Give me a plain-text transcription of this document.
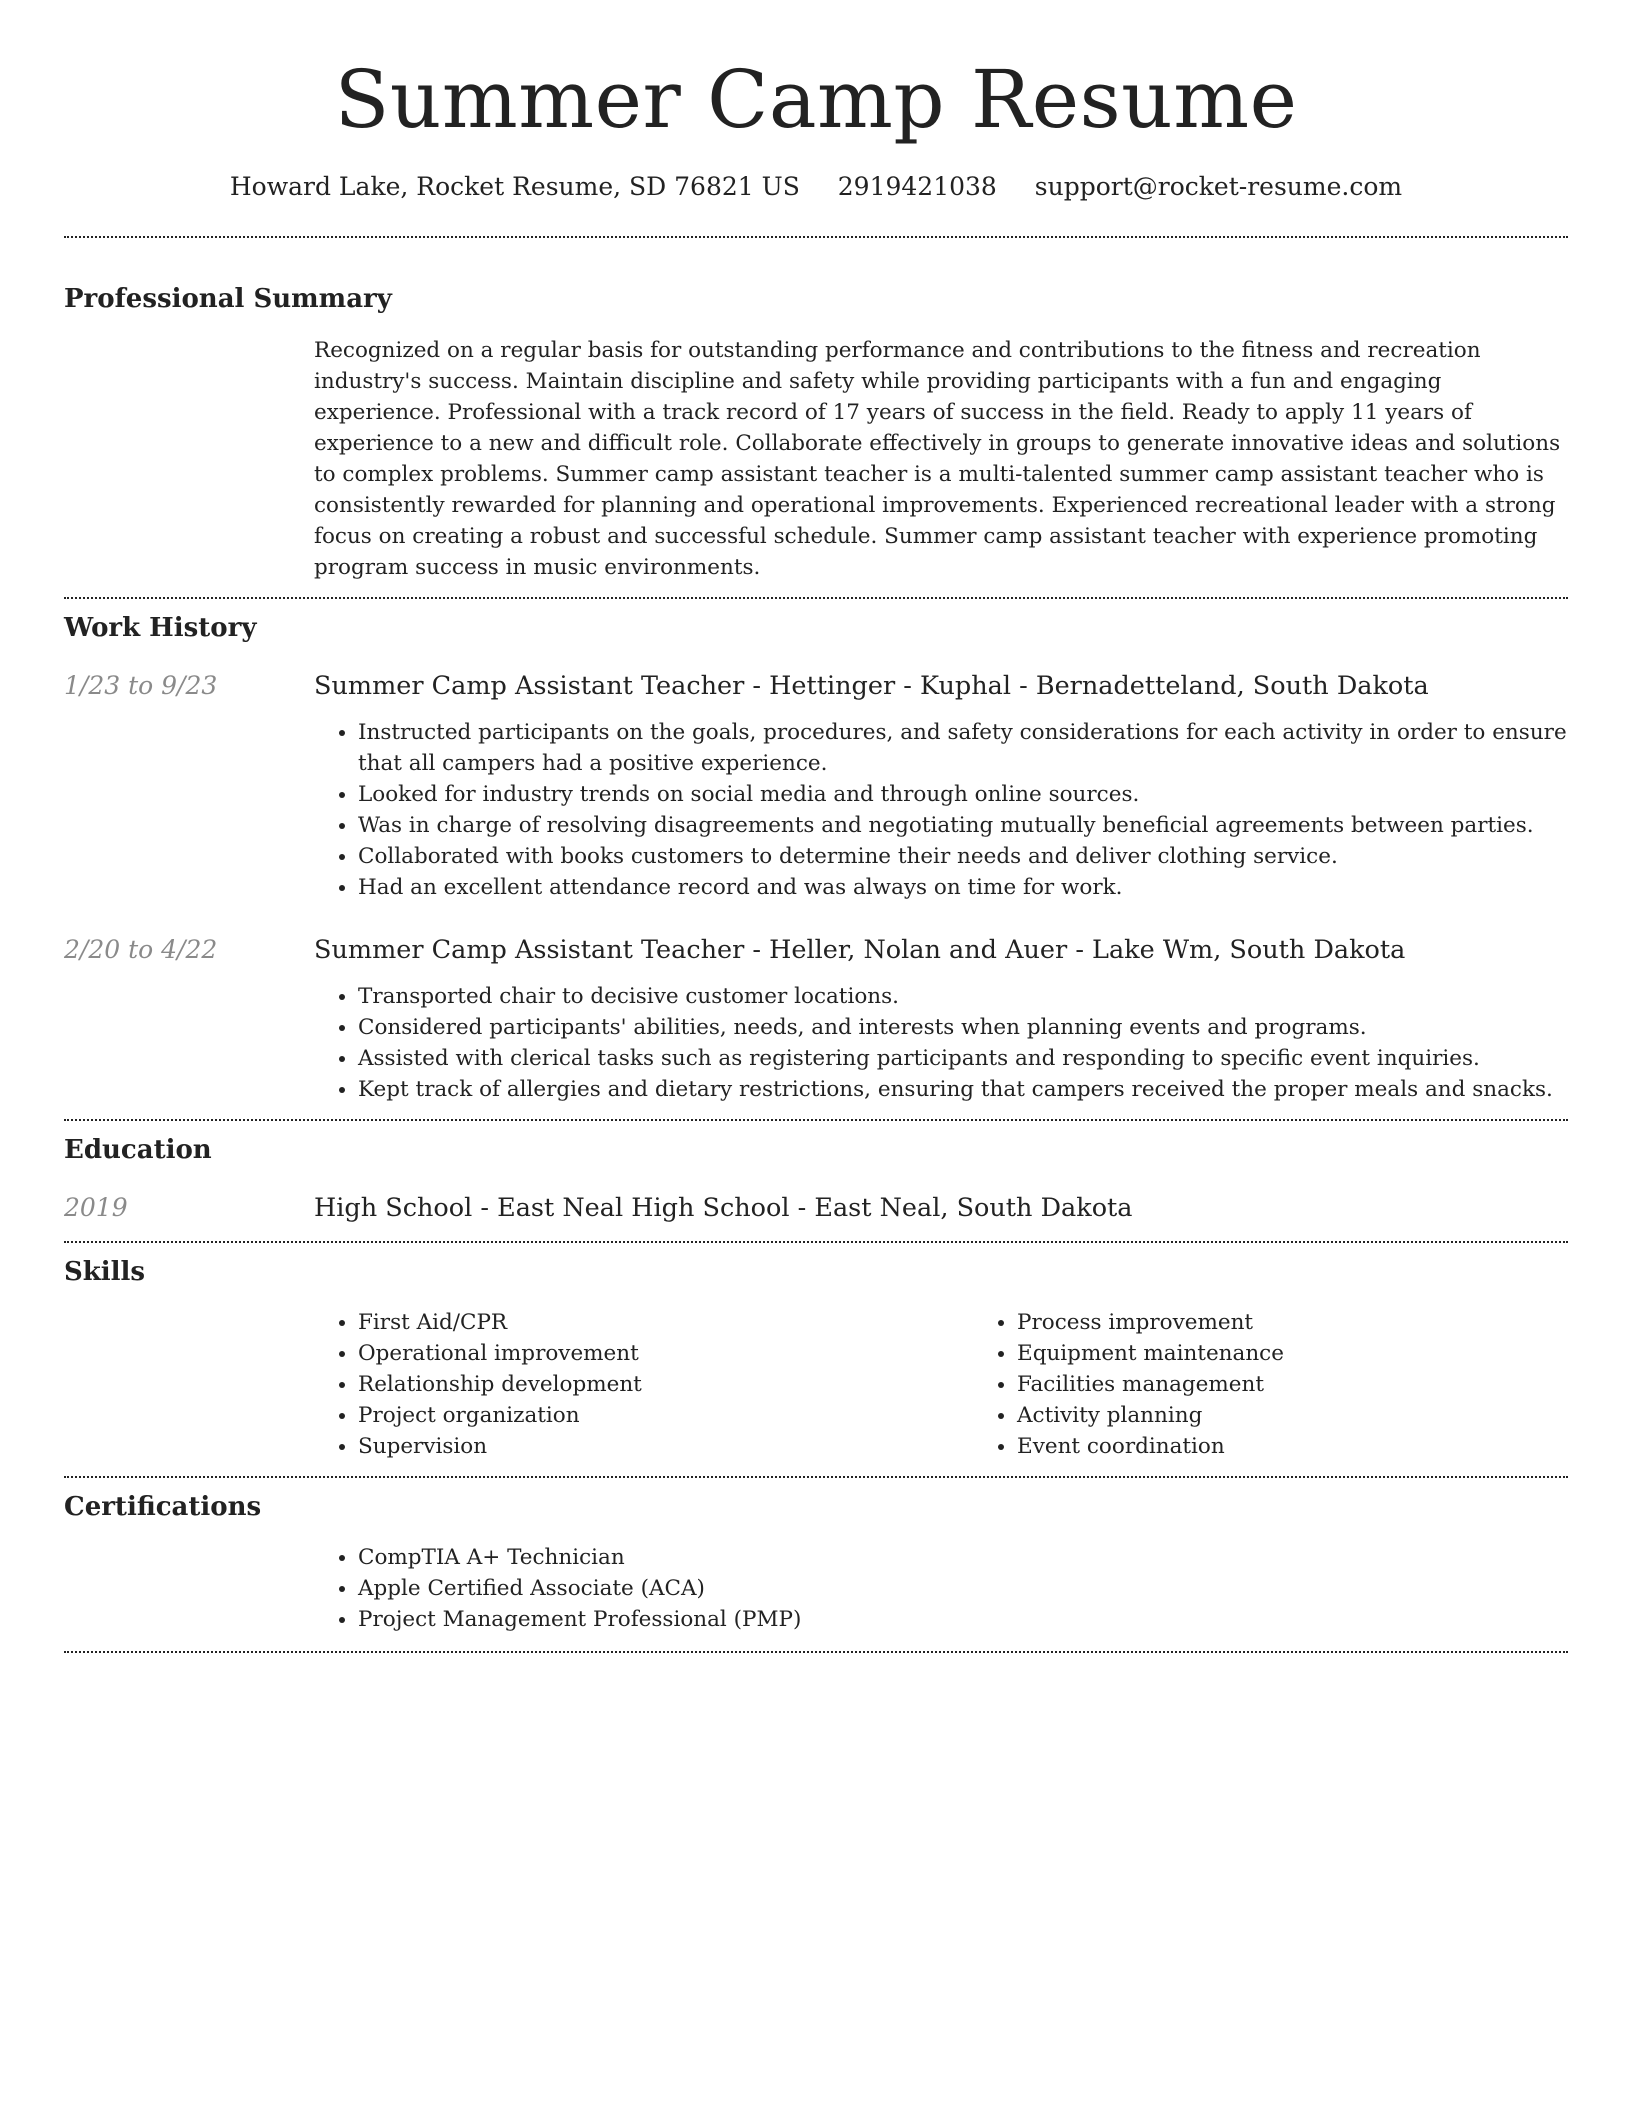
Summer Camp Resume
Howard Lake, Rocket Resume, SD 76821 US 2919421038 support@rocket-resume.com
Professional Summary

Recognized on a regular basis for outstanding performance and contributions to the fitness and recreation industry's success. Maintain discipline and safety while providing participants with a fun and engaging experience. Professional with a track record of 17 years of success in the field. Ready to apply 11 years of experience to a new and difficult role. Collaborate effectively in groups to generate innovative ideas and solutions to complex problems. Summer camp assistant teacher is a multi-talented summer camp assistant teacher who is consistently rewarded for planning and operational improvements. Experienced recreational leader with a strong focus on creating a robust and successful schedule. Summer camp assistant teacher with experience promoting program success in music environments.

Work History
1/23 to 9/23	Summer Camp Assistant Teacher - Hettinger - Kuphal - Bernadetteland, South Dakota

• Instructed participants on the goals, procedures, and safety considerations for each activity in order to ensure that all campers had a positive experience.
• Looked for industry trends on social media and through online sources.
• Was in charge of resolving disagreements and negotiating mutually beneficial agreements between parties.
• Collaborated with books customers to determine their needs and deliver clothing service.
• Had an excellent attendance record and was always on time for work.
2/20 to 4/22	Summer Camp Assistant Teacher - Heller, Nolan and Auer - Lake Wm, South Dakota

• Transported chair to decisive customer locations.
• Considered participants' abilities, needs, and interests when planning events and programs.
• Assisted with clerical tasks such as registering participants and responding to specific event inquiries.
• Kept track of allergies and dietary restrictions, ensuring that campers received the proper meals and snacks.
Education
2019	High School - East Neal High School - East Neal, South Dakota

Skills
• First Aid/CPR
• Operational improvement
• Relationship development
• Project organization
• Supervision
• Process improvement
• Equipment maintenance
• Facilities management
• Activity planning
• Event coordination
Certifications
• CompTIA A+ Technician
• Apple Certified Associate (ACA)
• Project Management Professional (PMP)
